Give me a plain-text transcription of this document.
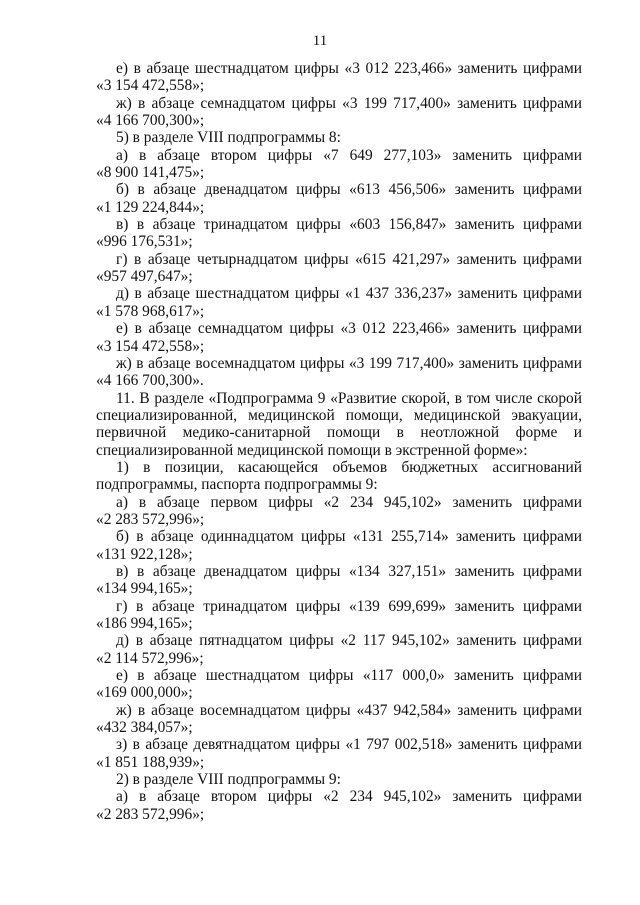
11
е) в абзаце шестнадцатом цифры «3 012 223,466» заменить цифрами
«3 154 472,558»;
ж) в абзаце семнадцатом цифры «3 199 717,400» заменить цифрами
«4 166 700,300»;
5) в разделе VIII подпрограммы 8:
а) в абзаце втором цифры «7 649 277,103» заменить цифрами
«8 900 141,475»;
б) в абзаце двенадцатом цифры «613 456,506» заменить цифрами
«1 129 224,844»;
в) в абзаце тринадцатом цифры «603 156,847» заменить цифрами
«996 176,531»;
г) в абзаце четырнадцатом цифры «615 421,297» заменить цифрами
«957 497,647»;
д) в абзаце шестнадцатом цифры «1 437 336,237» заменить цифрами
«1 578 968,617»;
е) в абзаце семнадцатом цифры «3 012 223,466» заменить цифрами
«3 154 472,558»;
ж) в абзаце восемнадцатом цифры «3 199 717,400» заменить цифрами
«4 166 700,300».
11. В разделе «Подпрограмма 9 «Развитие скорой, в том числе скорой
специализированной, медицинской помощи, медицинской эвакуации,
первичной медико-санитарной помощи в неотложной форме и
специализированной медицинской помощи в экстренной форме»:
1) в позиции, касающейся объемов бюджетных ассигнований
подпрограммы, паспорта подпрограммы 9:
а) в абзаце первом цифры «2 234 945,102» заменить цифрами
«2 283 572,996»;
б) в абзаце одиннадцатом цифры «131 255,714» заменить цифрами
«131 922,128»;
в) в абзаце двенадцатом цифры «134 327,151» заменить цифрами
«134 994,165»;
г) в абзаце тринадцатом цифры «139 699,699» заменить цифрами
«186 994,165»;
д) в абзаце пятнадцатом цифры «2 117 945,102» заменить цифрами
«2 114 572,996»;
е) в абзаце шестнадцатом цифры «117 000,0» заменить цифрами
«169 000,000»;
ж) в абзаце восемнадцатом цифры «437 942,584» заменить цифрами
«432 384,057»;
з) в абзаце девятнадцатом цифры «1 797 002,518» заменить цифрами
«1 851 188,939»;
2) в разделе VIII подпрограммы 9:
а) в абзаце втором цифры «2 234 945,102» заменить цифрами
«2 283 572,996»;
